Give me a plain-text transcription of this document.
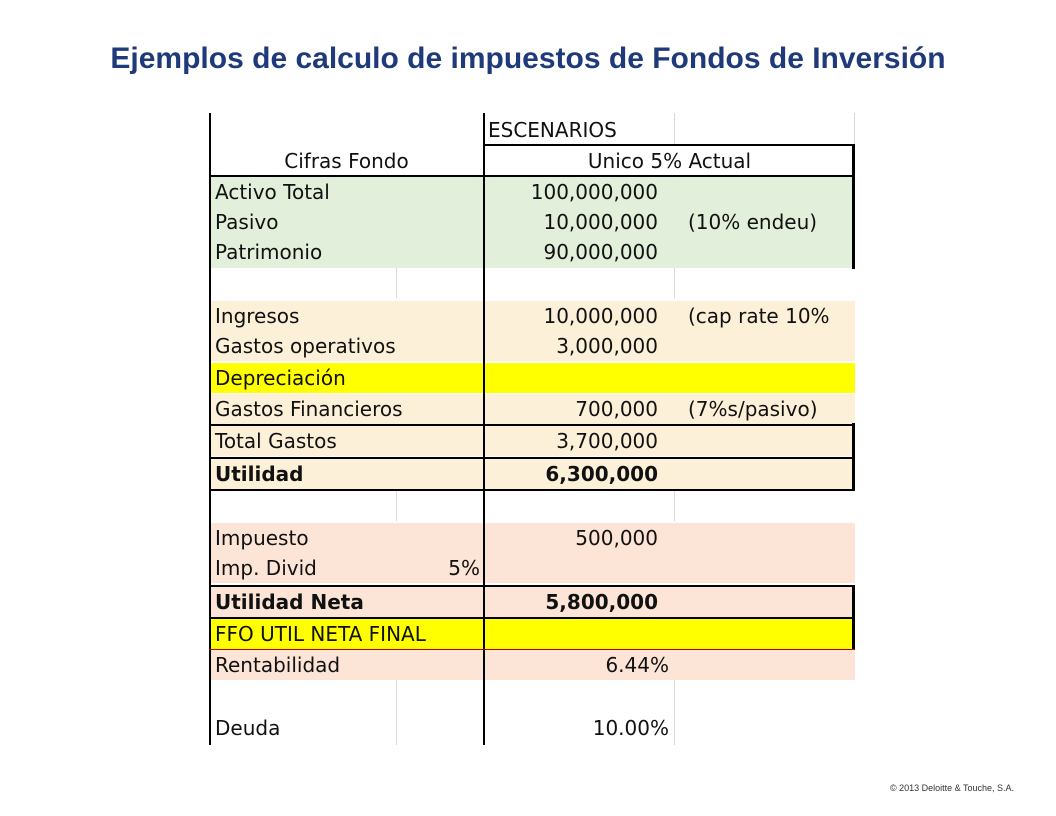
Ejemplos de calculo de impuestos de Fondos de Inversión
ESCENARIOS
Cifras Fondo	Unico 5% Actual
Activo Total	100,000,000
Pasivo	10,000,000	(10% endeu)
Patrimonio	90,000,000
Ingresos	10,000,000	(cap rate 10%
Gastos operativos	3,000,000
Depreciación
Gastos Financieros	700,000	(7%s/pasivo)
Total Gastos	3,700,000
Utilidad	6,300,000
Impuesto	500,000
Imp. Divid	5%
Utilidad Neta	5,800,000
FFO UTIL NETA FINAL
Rentabilidad	6.44%
Deuda	10.00%
© 2013 Deloitte & Touche, S.A.
